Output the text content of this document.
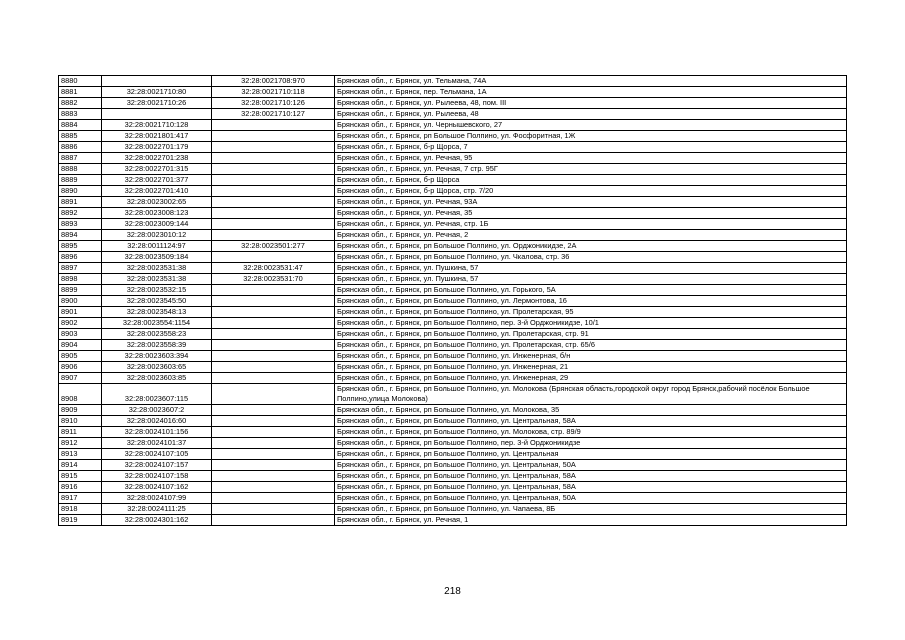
8880		32:28:0021708:970	Брянская обл., г. Брянск, ул. Тельмана, 74А
8881	32:28:0021710:80	32:28:0021710:118	Брянская обл., г. Брянск, пер. Тельмана, 1А
8882	32:28:0021710:26	32:28:0021710:126	Брянская обл., г. Брянск, ул. Рылеева, 48, пом. III
8883		32:28:0021710:127	Брянская обл., г. Брянск, ул. Рылеева, 48
8884	32:28:0021710:128		Брянская обл., г. Брянск, ул. Чернышевского, 27
8885	32:28:0021801:417		Брянская обл., г. Брянск, рп Большое Полпино, ул. Фосфоритная, 1Ж
8886	32:28:0022701:179		Брянская обл., г. Брянск, б-р Щорса, 7
8887	32:28:0022701:238		Брянская обл., г. Брянск, ул. Речная, 95
8888	32:28:0022701:315		Брянская обл., г. Брянск, ул. Речная, 7 стр. 95Г
8889	32:28:0022701:377		Брянская обл., г. Брянск, б-р Щорса
8890	32:28:0022701:410		Брянская обл., г. Брянск, б-р Щорса, стр. 7/20
8891	32:28:0023002:65		Брянская обл., г. Брянск, ул. Речная, 93А
8892	32:28:0023008:123		Брянская обл., г. Брянск, ул. Речная, 35
8893	32:28:0023009:144		Брянская обл., г. Брянск, ул. Речная, стр. 1Б
8894	32:28:0023010:12		Брянская обл., г. Брянск, ул. Речная, 2
8895	32:28:0011124:97	32:28:0023501:277	Брянская обл., г. Брянск, рп Большое Полпино, ул. Орджоникидзе, 2А
8896	32:28:0023509:184		Брянская обл., г. Брянск, рп Большое Полпино, ул. Чкалова, стр. 36
8897	32:28:0023531:38	32:28:0023531:47	Брянская обл., г. Брянск, ул. Пушкина, 57
8898	32:28:0023531:38	32:28:0023531:70	Брянская обл., г. Брянск, ул. Пушкина, 57
8899	32:28:0023532:15		Брянская обл., г. Брянск, рп Большое Полпино, ул. Горького, 5А
8900	32:28:0023545:50		Брянская обл., г. Брянск, рп Большое Полпино, ул. Лермонтова, 16
8901	32:28:0023548:13		Брянская обл., г. Брянск, рп Большое Полпино, ул. Пролетарская, 95
8902	32:28:0023554:1154		Брянская обл., г. Брянск, рп Большое Полпино, пер. 3-й Орджоникидзе, 10/1
8903	32:28:0023558:23		Брянская обл., г. Брянск, рп Большое Полпино, ул. Пролетарская, стр. 91
8904	32:28:0023558:39		Брянская обл., г. Брянск, рп Большое Полпино, ул. Пролетарская, стр. 65/6
8905	32:28:0023603:394		Брянская обл., г. Брянск, рп Большое Полпино, ул. Инженерная, б/н
8906	32:28:0023603:65		Брянская обл., г. Брянск, рп Большое Полпино, ул. Инженерная, 21
8907	32:28:0023603:85		Брянская обл., г. Брянск, рп Большое Полпино, ул. Инженерная, 29
8908	32:28:0023607:115		Брянская обл., г. Брянск, рп Большое Полпино, ул. Молокова (Брянская область,городской округ город Брянск,рабочий посёлок Большое Полпино,улица Молокова)
8909	32:28:0023607:2		Брянская обл., г. Брянск, рп Большое Полпино, ул. Молокова, 35
8910	32:28:0024016:60		Брянская обл., г. Брянск, рп Большое Полпино, ул. Центральная, 58А
8911	32:28:0024101:156		Брянская обл., г. Брянск, рп Большое Полпино, ул. Молокова, стр. 89/9
8912	32:28:0024101:37		Брянская обл., г. Брянск, рп Большое Полпино, пер. 3-й Орджоникидзе
8913	32:28:0024107:105		Брянская обл., г. Брянск, рп Большое Полпино, ул. Центральная
8914	32:28:0024107:157		Брянская обл., г. Брянск, рп Большое Полпино, ул. Центральная, 50А
8915	32:28:0024107:158		Брянская обл., г. Брянск, рп Большое Полпино, ул. Центральная, 58А
8916	32:28:0024107:162		Брянская обл., г. Брянск, рп Большое Полпино, ул. Центральная, 58А
8917	32:28:0024107:99		Брянская обл., г. Брянск, рп Большое Полпино, ул. Центральная, 50А
8918	32:28:0024111:25		Брянская обл., г. Брянск, рп Большое Полпино, ул. Чапаева, 8Б
8919	32:28:0024301:162		Брянская обл., г. Брянск, ул. Речная, 1
218
